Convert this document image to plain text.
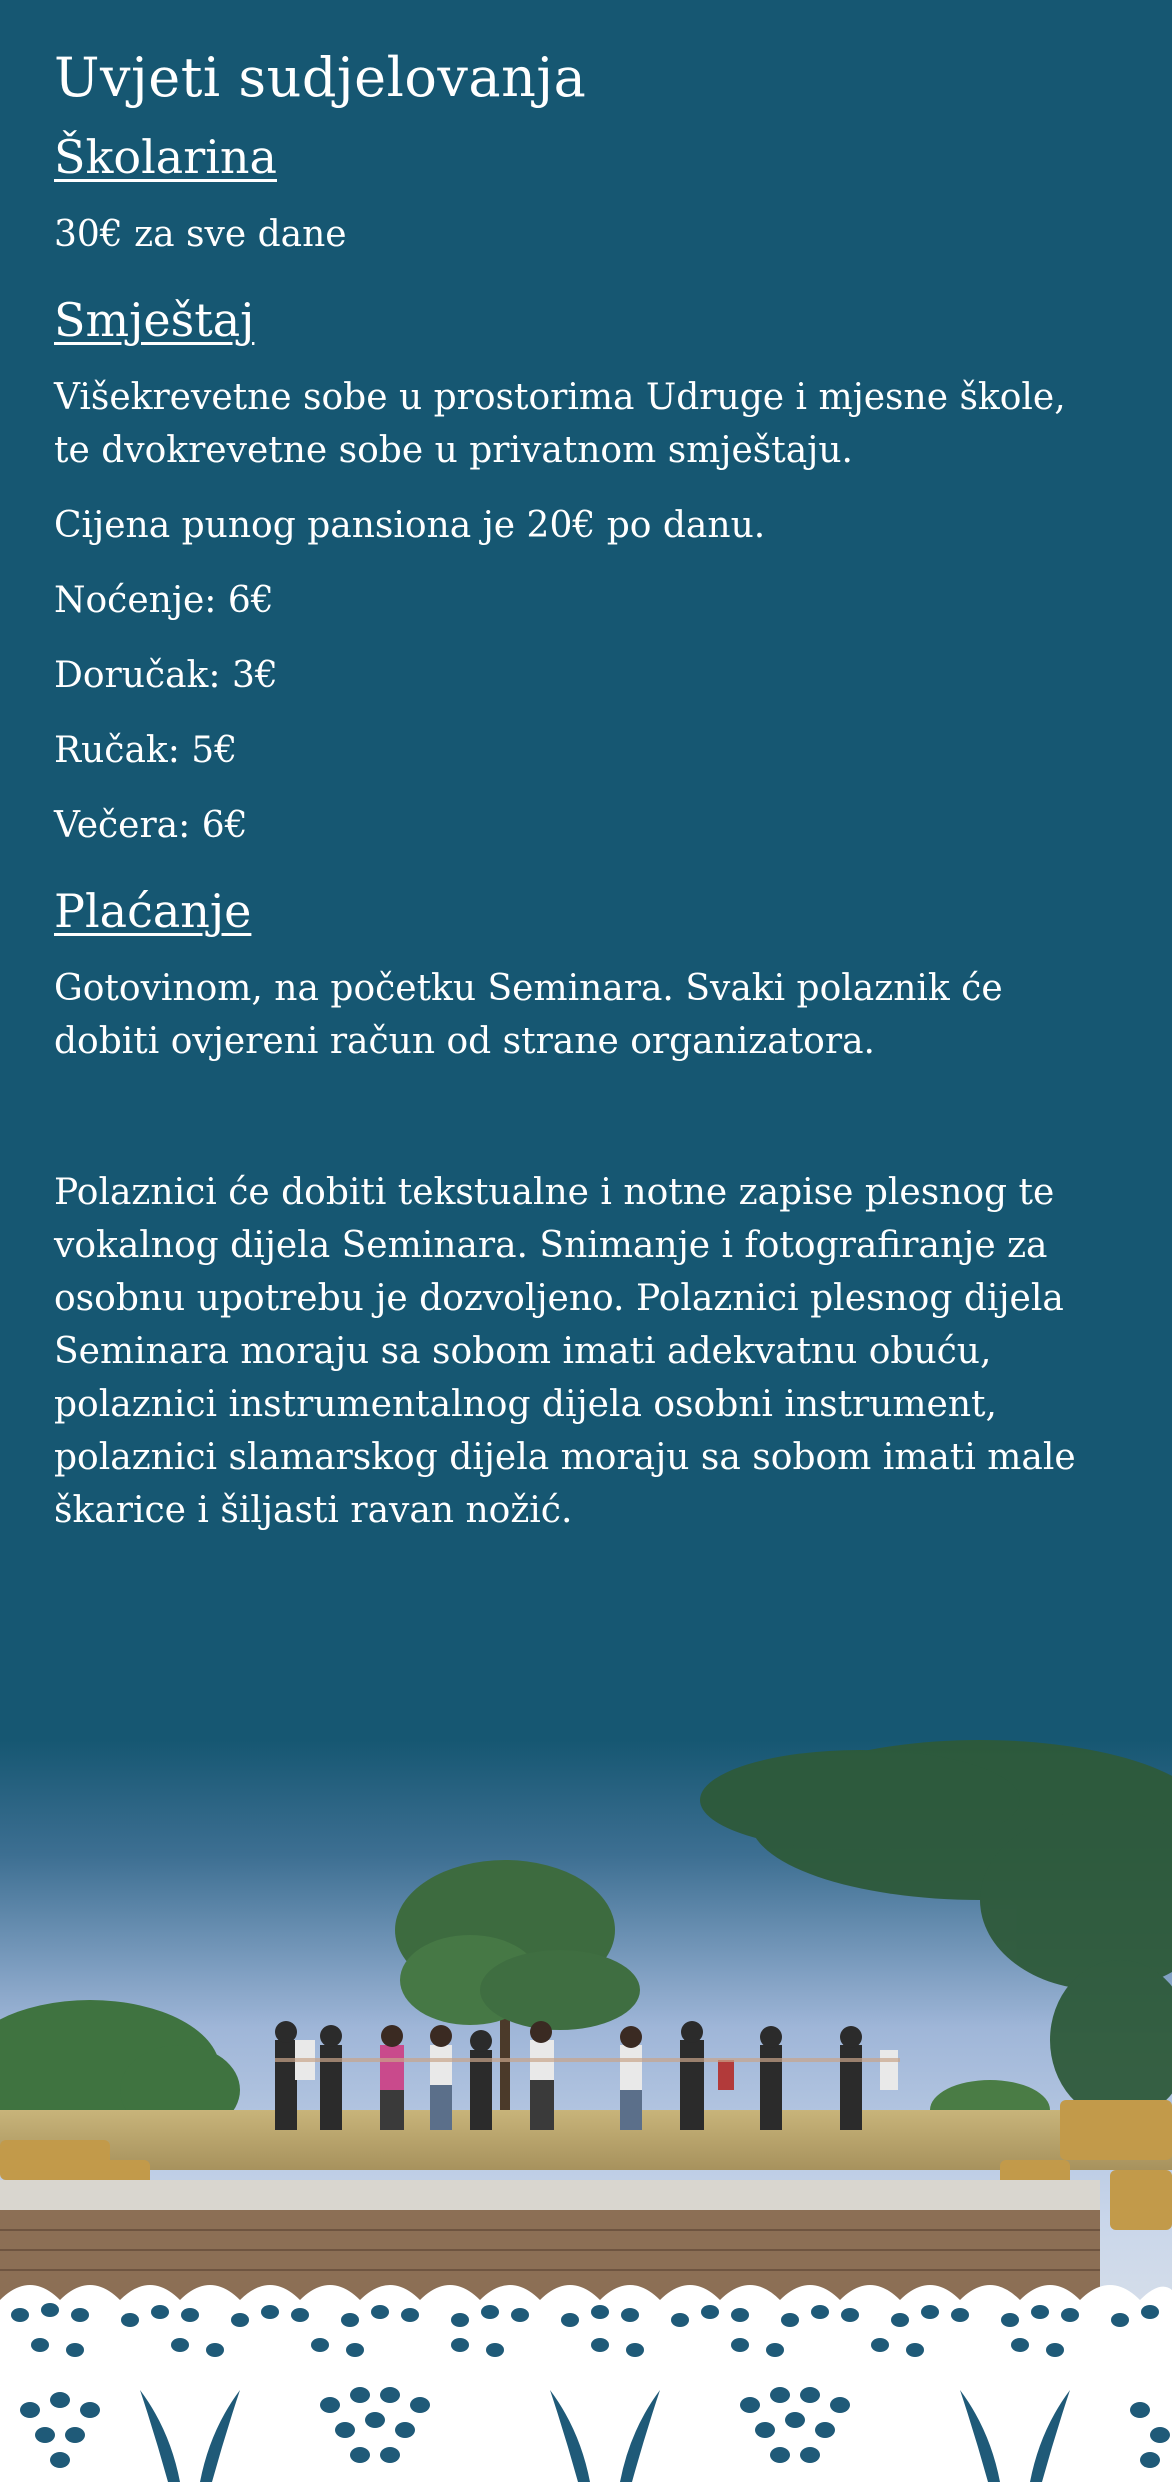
Uvjeti sudjelovanja
Školarina

30€ za sve dane

Smještaj

Višekrevetne sobe u prostorima Udruge i mjesne škole,

te dvokrevetne sobe u privatnom smještaju.

Cijena punog pansiona je 20€ po danu.

Noćenje: 6€

Doručak: 3€

Ručak: 5€

Večera: 6€

Plaćanje

Gotovinom, na početku Seminara. Svaki polaznik će

dobiti ovjereni račun od strane organizatora.

Polaznici će dobiti tekstualne i notne zapise plesnog te

vokalnog dijela Seminara. Snimanje i fotografiranje za

osobnu upotrebu je dozvoljeno. Polaznici plesnog dijela

Seminara moraju sa sobom imati adekvatnu obuću,

polaznici instrumentalnog dijela osobni instrument,

polaznici slamarskog dijela moraju sa sobom imati male

škarice i šiljasti ravan nožić.
